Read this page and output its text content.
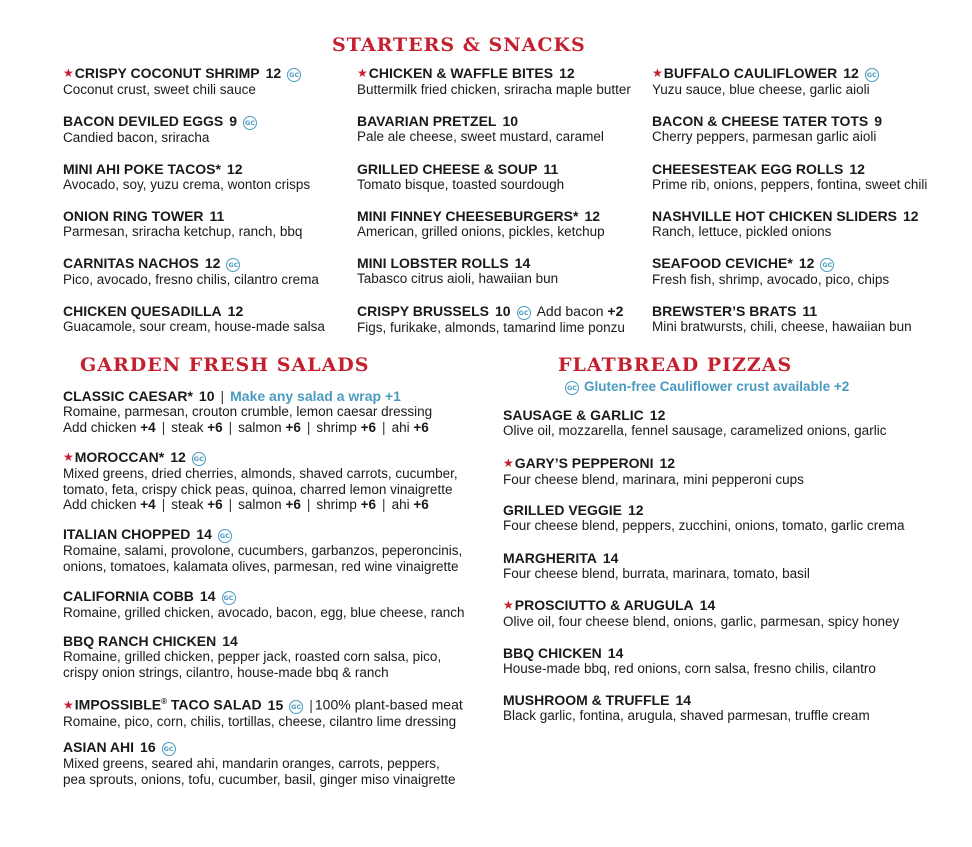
STARTERS & SNACKS
★CRISPY COCONUT SHRIMP 12 GC
Coconut crust, sweet chili sauce
★CHICKEN & WAFFLE BITES 12
Buttermilk fried chicken, sriracha maple butter
★BUFFALO CAULIFLOWER 12 GC
Yuzu sauce, blue cheese, garlic aioli
BACON DEVILED EGGS 9 GC
Candied bacon, sriracha
BAVARIAN PRETZEL 10
Pale ale cheese, sweet mustard, caramel
BACON & CHEESE TATER TOTS 9
Cherry peppers, parmesan garlic aioli
MINI AHI POKE TACOS* 12
Avocado, soy, yuzu crema, wonton crisps
GRILLED CHEESE & SOUP 11
Tomato bisque, toasted sourdough
CHEESESTEAK EGG ROLLS 12
Prime rib, onions, peppers, fontina, sweet chili
ONION RING TOWER 11
Parmesan, sriracha ketchup, ranch, bbq
MINI FINNEY CHEESEBURGERS* 12
American, grilled onions, pickles, ketchup
NASHVILLE HOT CHICKEN SLIDERS 12
Ranch, lettuce, pickled onions
CARNITAS NACHOS 12 GC
Pico, avocado, fresno chilis, cilantro crema
MINI LOBSTER ROLLS 14
Tabasco citrus aioli, hawaiian bun
SEAFOOD CEVICHE* 12 GC
Fresh fish, shrimp, avocado, pico, chips
CHICKEN QUESADILLA 12
Guacamole, sour cream, house-made salsa
CRISPY BRUSSELS 10 GC Add bacon +2
Figs, furikake, almonds, tamarind lime ponzu
BREWSTER’S BRATS 11
Mini bratwursts, chili, cheese, hawaiian bun
GARDEN FRESH SALADS
CLASSIC CAESAR* 10 | Make any salad a wrap +1
Romaine, parmesan, crouton crumble, lemon caesar dressing
Add chicken +4 | steak +6 | salmon +6 | shrimp +6 | ahi +6
★MOROCCAN* 12 GC
Mixed greens, dried cherries, almonds, shaved carrots, cucumber,
tomato, feta, crispy chick peas, quinoa, charred lemon vinaigrette
Add chicken +4 | steak +6 | salmon +6 | shrimp +6 | ahi +6
ITALIAN CHOPPED 14 GC
Romaine, salami, provolone, cucumbers, garbanzos, peperoncinis,
onions, tomatoes, kalamata olives, parmesan, red wine vinaigrette
CALIFORNIA COBB 14 GC
Romaine, grilled chicken, avocado, bacon, egg, blue cheese, ranch
BBQ RANCH CHICKEN 14
Romaine, grilled chicken, pepper jack, roasted corn salsa, pico,
crispy onion strings, cilantro, house-made bbq & ranch
★IMPOSSIBLE® TACO SALAD 15 GC | 100% plant-based meat
Romaine, pico, corn, chilis, tortillas, cheese, cilantro lime dressing
ASIAN AHI 16 GC
Mixed greens, seared ahi, mandarin oranges, carrots, peppers,
pea sprouts, onions, tofu, cucumber, basil, ginger miso vinaigrette
FLATBREAD PIZZAS
GC Gluten-free Cauliflower crust available +2
SAUSAGE & GARLIC 12
Olive oil, mozzarella, fennel sausage, caramelized onions, garlic
★GARY’S PEPPERONI 12
Four cheese blend, marinara, mini pepperoni cups
GRILLED VEGGIE 12
Four cheese blend, peppers, zucchini, onions, tomato, garlic crema
MARGHERITA 14
Four cheese blend, burrata, marinara, tomato, basil
★PROSCIUTTO & ARUGULA 14
Olive oil, four cheese blend, onions, garlic, parmesan, spicy honey
BBQ CHICKEN 14
House-made bbq, red onions, corn salsa, fresno chilis, cilantro
MUSHROOM & TRUFFLE 14
Black garlic, fontina, arugula, shaved parmesan, truffle cream
